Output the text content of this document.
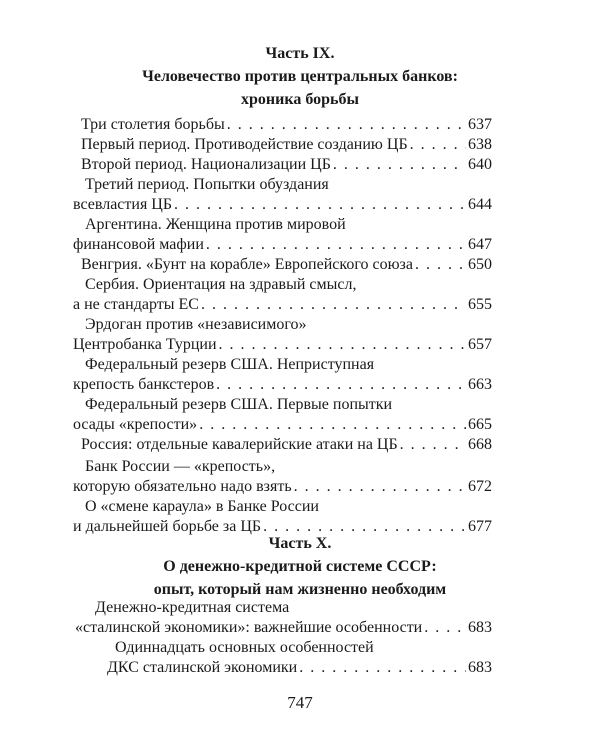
Часть IX.
Человечество против центральных банков:
хроника борьбы
Три столетия борьбы . . .	637
Первый период. Противодействие созданию ЦБ . . .	638
Второй период. Национализации ЦБ . . .	640
Третий период. Попытки обуздания
всевластия ЦБ . . .	644
Аргентина. Женщина против мировой
финансовой мафии . . .	647
Венгрия. «Бунт на корабле» Европейского союза . . .	650
Сербия. Ориентация на здравый смысл,
а не стандарты ЕС . . .	655
Эрдоган против «независимого»
Центробанка Турции . . .	657
Федеральный резерв США. Неприступная
крепость банкстеров . . .	663
Федеральный резерв США. Первые попытки
осады «крепости» . . .	665
Россия: отдельные кавалерийские атаки на ЦБ . . .	668
Банк России — «крепость»,
которую обязательно надо взять . . .	672
О «смене караула» в Банке России
и дальнейшей борьбе за ЦБ . . .	677
Часть X.
О денежно-кредитной системе СССР:
опыт, который нам жизненно необходим
Денежно-кредитная система
«сталинской экономики»: важнейшие особенности . . .	683
Одиннадцать основных особенностей
ДКС сталинской экономики . . .	683
747
